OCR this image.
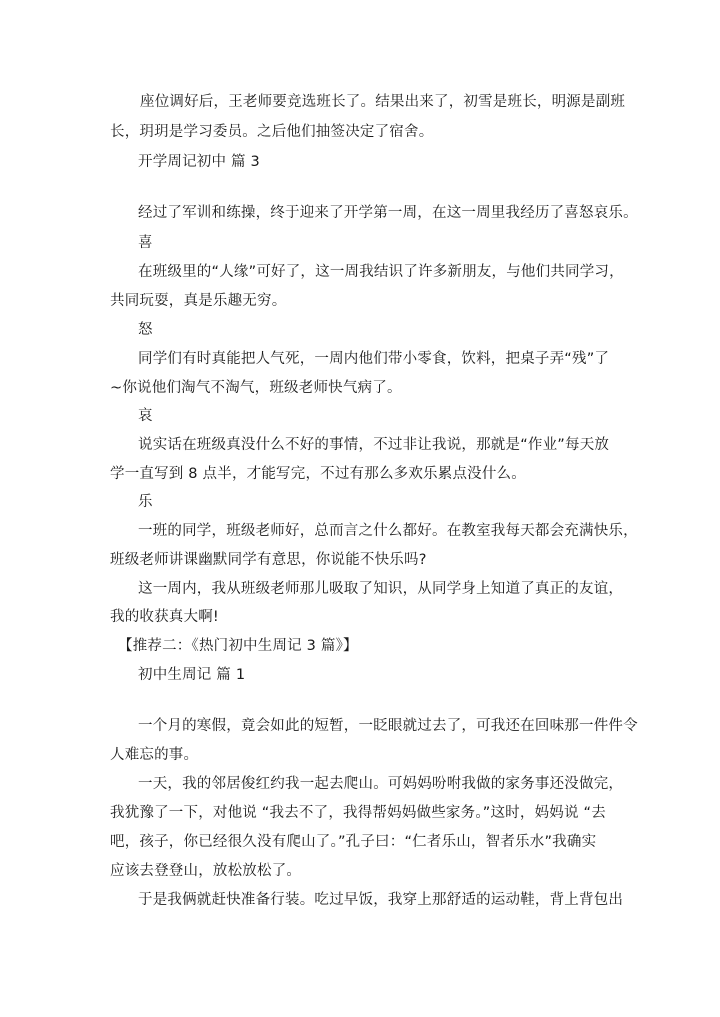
座位调好后，王老师要竞选班长了。结果出来了，初雪是班长，明源是副班
长，玥玥是学习委员。之后他们抽签决定了宿舍。
开学周记初中 篇 3
经过了军训和练操，终于迎来了开学第一周，在这一周里我经历了喜怒哀乐。
喜
在班级里的“人缘”可好了，这一周我结识了许多新朋友，与他们共同学习，
共同玩耍，真是乐趣无穷。
怒
同学们有时真能把人气死，一周内他们带小零食，饮料，把桌子弄“残”了
~你说他们淘气不淘气，班级老师快气病了。
哀
说实话在班级真没什么不好的事情，不过非让我说，那就是“作业”每天放
学一直写到 8 点半，才能写完，不过有那么多欢乐累点没什么。
乐
一班的同学，班级老师好，总而言之什么都好。在教室我每天都会充满快乐，
班级老师讲课幽默同学有意思，你说能不快乐吗?
这一周内，我从班级老师那儿吸取了知识，从同学身上知道了真正的友谊，
我的收获真大啊!
【推荐二：《热门初中生周记 3 篇》】
初中生周记 篇 1
一个月的寒假，竟会如此的短暂，一眨眼就过去了，可我还在回味那一件件令
人难忘的事。
一天，我的邻居俊红约我一起去爬山。可妈妈吩咐我做的家务事还没做完，
我犹豫了一下，对他说 “我去不了，我得帮妈妈做些家务。”这时，妈妈说 “去
吧，孩子，你已经很久没有爬山了。”孔子曰：“仁者乐山，智者乐水”我确实
应该去登登山，放松放松了。
于是我俩就赶快准备行装。吃过早饭，我穿上那舒适的运动鞋，背上背包出
